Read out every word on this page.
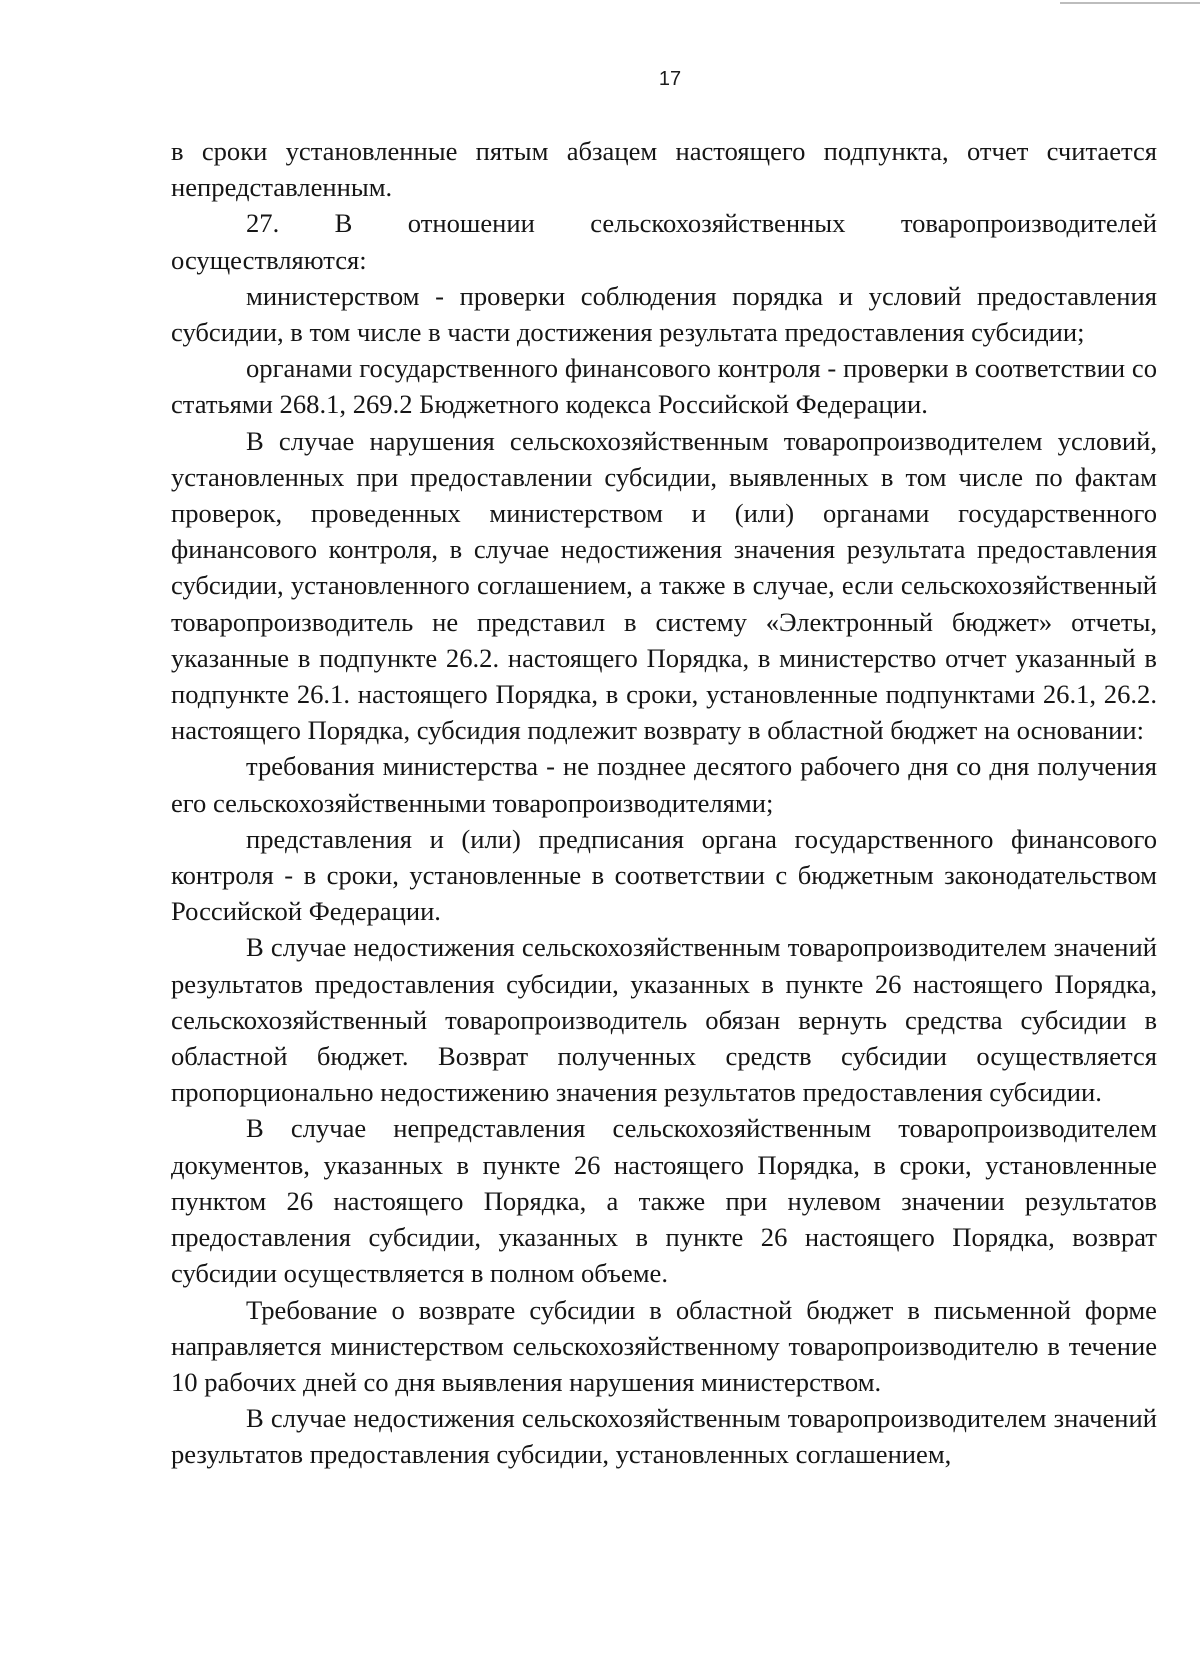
17

в сроки установленные пятым абзацем настоящего подпункта, отчет считается непредставленным.

27. В отношении сельскохозяйственных товаропроизводителей осуществляются:

министерством - проверки соблюдения порядка и условий предоставления субсидии, в том числе в части достижения результата предоставления субсидии;

органами государственного финансового контроля - проверки в соответствии со статьями 268.1, 269.2 Бюджетного кодекса Российской Федерации.

В случае нарушения сельскохозяйственным товаропроизводителем условий, установленных при предоставлении субсидии, выявленных в том числе по фактам проверок, проведенных министерством и (или) органами государственного финансового контроля, в случае недостижения значения результата предоставления субсидии, установленного соглашением, а также в случае, если сельскохозяйственный товаропроизводитель не представил в систему «Электронный бюджет» отчеты, указанные в подпункте 26.2. настоящего Порядка, в министерство отчет указанный в подпункте 26.1. настоящего Порядка, в сроки, установленные подпунктами 26.1, 26.2. настоящего Порядка, субсидия подлежит возврату в областной бюджет на основании:

требования министерства - не позднее десятого рабочего дня со дня получения его сельскохозяйственными товаропроизводителями;

представления и (или) предписания органа государственного финансового контроля - в сроки, установленные в соответствии с бюджетным законодательством Российской Федерации.

В случае недостижения сельскохозяйственным товаропроизводителем значений результатов предоставления субсидии, указанных в пункте 26 настоящего Порядка, сельскохозяйственный товаропроизводитель обязан вернуть средства субсидии в областной бюджет. Возврат полученных средств субсидии осуществляется пропорционально недостижению значения результатов предоставления субсидии.

В случае непредставления сельскохозяйственным товаропроизводителем документов, указанных в пункте 26 настоящего Порядка, в сроки, установленные пунктом 26 настоящего Порядка, а также при нулевом значении результатов предоставления субсидии, указанных в пункте 26 настоящего Порядка, возврат субсидии осуществляется в полном объеме.

Требование о возврате субсидии в областной бюджет в письменной форме направляется министерством сельскохозяйственному товаропроизводителю в течение 10 рабочих дней со дня выявления нарушения министерством.

В случае недостижения сельскохозяйственным товаропроизводителем значений результатов предоставления субсидии, установленных соглашением,
